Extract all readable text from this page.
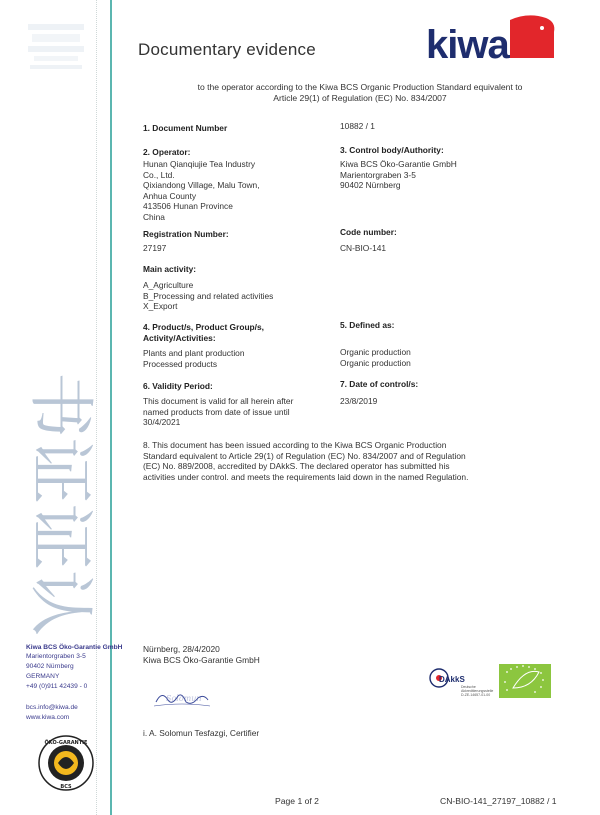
书
证
证
认
Kiwa BCS Öko-Garantie GmbH
Marientorgraben 3-5
90402 Nürnberg
GERMANY
+49 (0)911 42439 - 0
bcs.info@kiwa.de
www.kiwa.com
ÖKO-GARANTIE
BCS
Documentary evidence	kiwa
to the operator according to the Kiwa BCS Organic Production Standard equivalent to
Article 29(1) of Regulation (EC) No. 834/2007
1. Document Number	10882 / 1
2. Operator:
Hunan Qianqiujie Tea Industry
Co., Ltd.
Qixiandong Village, Malu Town,
Anhua County
413506 Hunan Province
China
3. Control body/Authority:
Kiwa BCS Öko-Garantie GmbH
Marientorgraben 3-5
90402 Nürnberg
Registration Number:
27197
Code number:
CN-BIO-141
Main activity:
A_Agriculture
B_Processing and related activities
X_Export
4. Product/s, Product Group/s,
Activity/Activities:
Plants and plant production
Processed products
5. Defined as:
Organic production
Organic production
6. Validity Period:
This document is valid for all herein after
named products from date of issue until
30/4/2021
7. Date of control/s:
23/8/2019
8. This document has been issued according to the Kiwa BCS Organic Production
Standard equivalent to Article 29(1) of Regulation (EC) No. 834/2007 and of Regulation
(EC) No. 889/2008, accredited by DAkkS. The declared operator has submitted his
activities under control. and meets the requirements laid down in the named Regulation.
Nürnberg, 28/4/2020
Kiwa BCS Öko-Garantie GmbH
Solomun
i. A. Solomun Tesfazgi, Certifier
DAkkS
Deutsche
Akkreditierungsstelle
D-ZE-14657-01-00
Page 1 of 2	CN-BIO-141_27197_10882 / 1
